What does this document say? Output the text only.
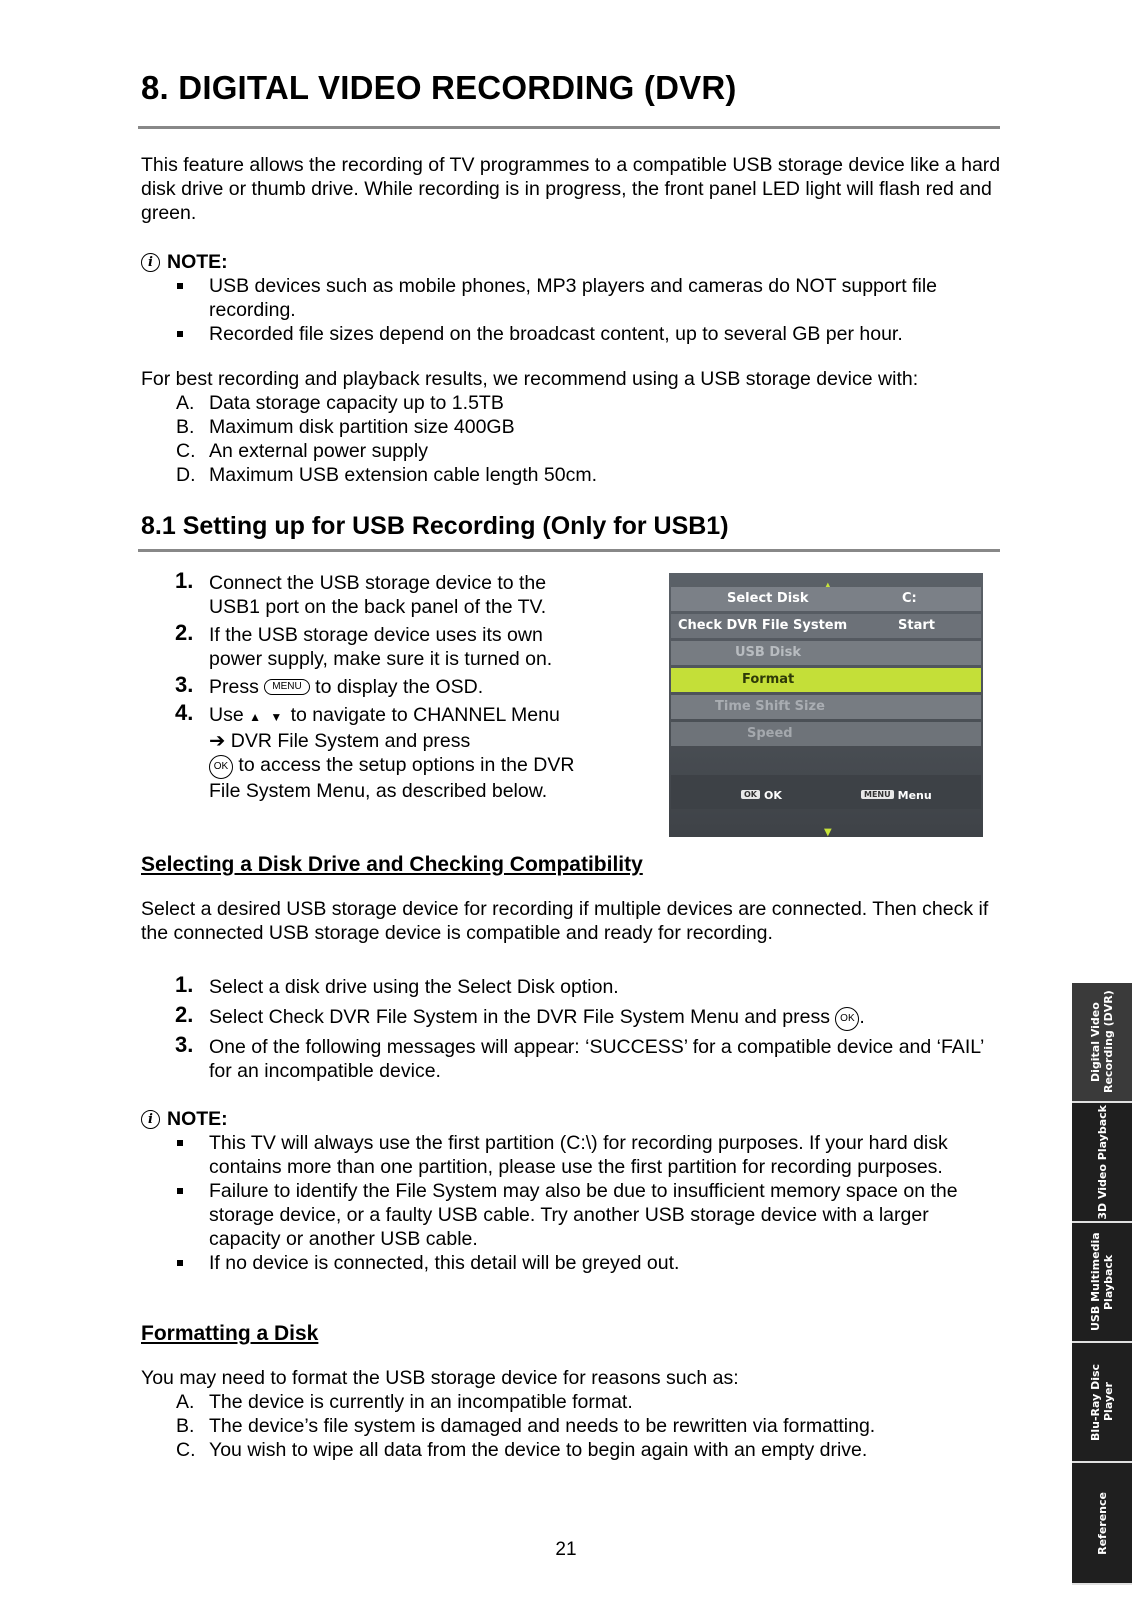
8. DIGITAL VIDEO RECORDING (DVR)

This feature allows the recording of TV programmes to a compatible USB storage device like a hard disk drive or thumb drive. While recording is in progress, the front panel LED light will flash red and green.

i NOTE:
USB devices such as mobile phones, MP3 players and cameras do NOT support file recording.
Recorded file sizes depend on the broadcast content, up to several GB per hour.

For best recording and playback results, we recommend using a USB storage device with:

A. Data storage capacity up to 1.5TB
B. Maximum disk partition size 400GB
C. An external power supply
D. Maximum USB extension cable length 50cm.
8.1 Setting up for USB Recording (Only for USB1)
1. Connect the USB storage device to the USB1 port on the back panel of the TV.
2. If the USB storage device uses its own power supply, make sure it is turned on.
3. Press MENU to display the OSD.
4. Use ▲ ▼ to navigate to CHANNEL Menu ➔ DVR File System and press
OK to access the setup options in the DVR File System Menu, as described below.
Select Disk	C:
Check DVR File System	Start
USB Disk
Format
Time Shift Size
Speed
OK OK	MENU Menu
▼
Selecting a Disk Drive and Checking Compatibility

Select a desired USB storage device for recording if multiple devices are connected. Then check if the connected USB storage device is compatible and ready for recording.

1. Select a disk drive using the Select Disk option.
2. Select Check DVR File System in the DVR File System Menu and press OK .
3. One of the following messages will appear: ‘SUCCESS’ for a compatible device and ‘FAIL’ for an incompatible device.
i NOTE:
This TV will always use the first partition (C:\) for recording purposes. If your hard disk contains more than one partition, please use the first partition for recording purposes.
Failure to identify the File System may also be due to insufficient memory space on the storage device, or a faulty USB cable. Try another USB storage device with a larger capacity or another USB cable.
If no device is connected, this detail will be greyed out.
Formatting a Disk

You may need to format the USB storage device for reasons such as:

A. The device is currently in an incompatible format.
B. The device’s file system is damaged and needs to be rewritten via formatting.
C. You wish to wipe all data from the device to begin again with an empty drive.
Digital Video Recording (DVR)
3D Video Playback
USB Multimedia Playback
Blu-Ray Disc Player
Reference
21
